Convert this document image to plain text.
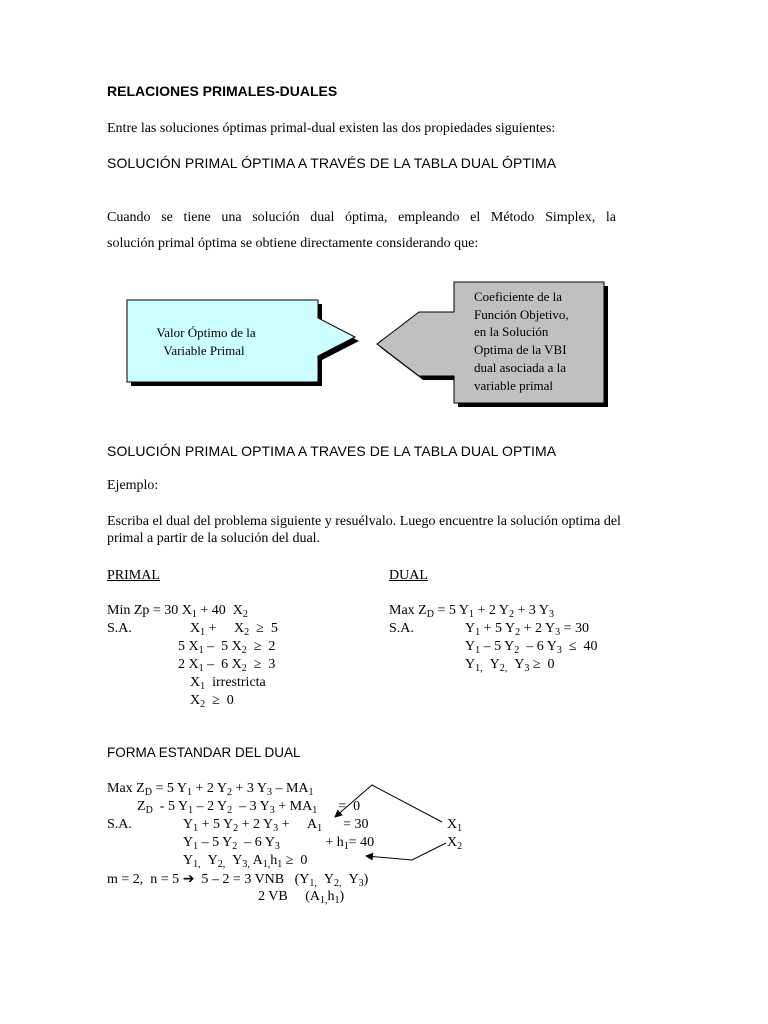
RELACIONES PRIMALES-DUALES
Entre las soluciones óptimas primal-dual existen las dos propiedades siguientes:
SOLUCIÓN PRIMAL ÓPTIMA A TRAVÉS DE LA TABLA DUAL ÓPTIMA
Cuando se tiene una solución dual óptima, empleando el Método Simplex, la
solución primal óptima se obtiene directamente considerando que:
Valor Óptimo de la
Variable Primal
Coeficiente de la
Función Objetivo,
en la Solución
Optima de la VBI
dual asociada a la
variable primal
SOLUCIÓN PRIMAL OPTIMA A TRAVES DE LA TABLA DUAL OPTIMA
Ejemplo:
Escriba el dual del problema siguiente y resuélvalo. Luego encuentre la solución optima del
primal a partir de la solución del dual.
PRIMAL	DUAL
Min Zp = 30 $X_1 + 40$  $X_2$
S.A.	$X_1$ +     $X_2 \ge 5$
5 $X_1 - 5$ $X_2 \ge 2$
2 $X_1 - 6$ $X_2 \ge 3$
$X_1$  irrestricta
$X_2 \ge 0$
Max $Z_D = 5$ $Y_1 + 2$ $Y_2 + 3$ $Y_3$
S.A.	$Y_1 + 5$ $Y_2 + 2$ $Y_3 = 30$
$Y_1 - 5$ $Y_2 - 6$ $Y_3 \le 40$
$Y_{1,}$  $Y_{2,}$  $Y_3 \ge 0$
FORMA ESTANDAR DEL DUAL
Max $Z_D = 5$ $Y_1 + 2$ $Y_2 + 3$ $Y_3 - MA_1$
$Z_D - 5$ $Y_1 - 2$ $Y_2 - 3$ $Y_3 + MA_1$      =  0
S.A.	$Y_1 + 5$ $Y_2 + 2$ $Y_3$ +     $A_1$      = 30
$Y_1 - 5$ $Y_2 - 6$ $Y_3$             + $h_1= 40$
$Y_{1,}$  $Y_{2,}$  $Y_{3,}$ $A_{1,}h_1 \ge 0$
$X_1$
$X_2$
m = 2,  n = 5 ➔  5 – 2 = 3 VNB   ($Y_{1,}$  $Y_{2,}$  $Y_3$)
2 VB     $(A_{1,}h_1)$
